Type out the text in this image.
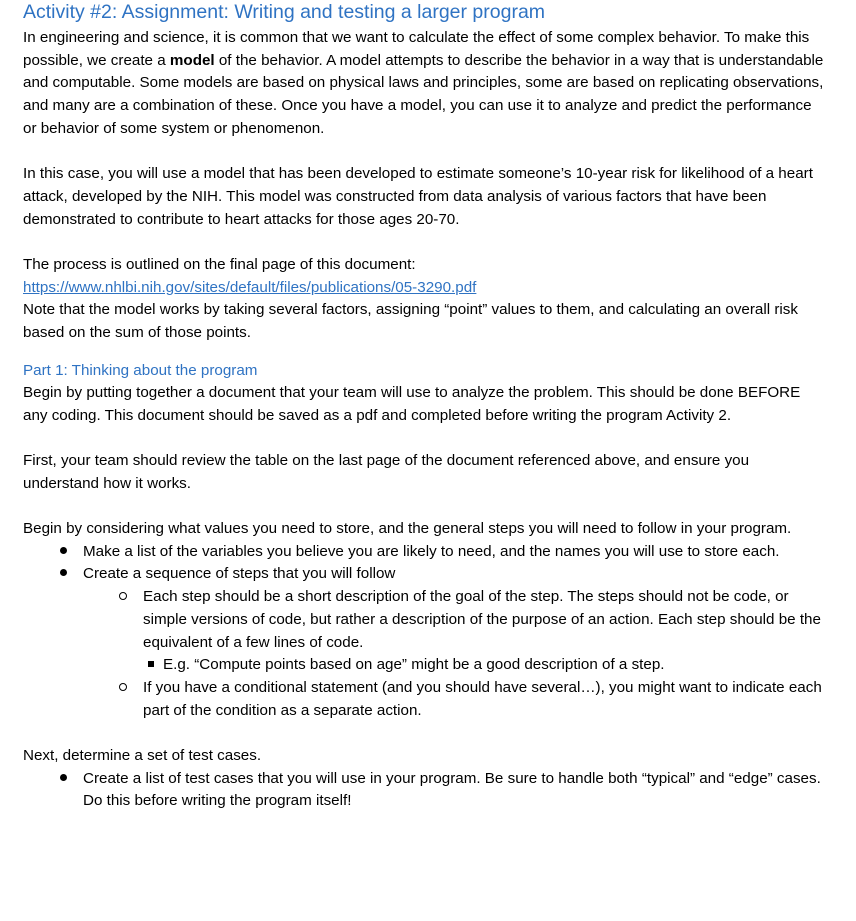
Activity #2: Assignment: Writing and testing a larger program

In engineering and science, it is common that we want to calculate the effect of some complex behavior. To make this possible, we create a model of the behavior. A model attempts to describe the behavior in a way that is understandable and computable. Some models are based on physical laws and principles, some are based on replicating observations, and many are a combination of these. Once you have a model, you can use it to analyze and predict the performance or behavior of some system or phenomenon.

In this case, you will use a model that has been developed to estimate someone’s 10-year risk for likelihood of a heart attack, developed by the NIH. This model was constructed from data analysis of various factors that have been demonstrated to contribute to heart attacks for those ages 20-70.

The process is outlined on the final page of this document:

https://www.nhlbi.nih.gov/sites/default/files/publications/05-3290.pdf

Note that the model works by taking several factors, assigning “point” values to them, and calculating an overall risk based on the sum of those points.

Part 1: Thinking about the program

Begin by putting together a document that your team will use to analyze the problem. This should be done BEFORE any coding. This document should be saved as a pdf and completed before writing the program Activity 2.

First, your team should review the table on the last page of the document referenced above, and ensure you understand how it works.

Begin by considering what values you need to store, and the general steps you will need to follow in your program.

Make a list of the variables you believe you are likely to need, and the names you will use to store each.
Create a sequence of steps that you will follow
Each step should be a short description of the goal of the step. The steps should not be code, or simple versions of code, but rather a description of the purpose of an action. Each step should be the equivalent of a few lines of code.
E.g. “Compute points based on age” might be a good description of a step.
If you have a conditional statement (and you should have several…), you might want to indicate each part of the condition as a separate action.

Next, determine a set of test cases.

Create a list of test cases that you will use in your program. Be sure to handle both “typical” and “edge” cases. Do this before writing the program itself!
